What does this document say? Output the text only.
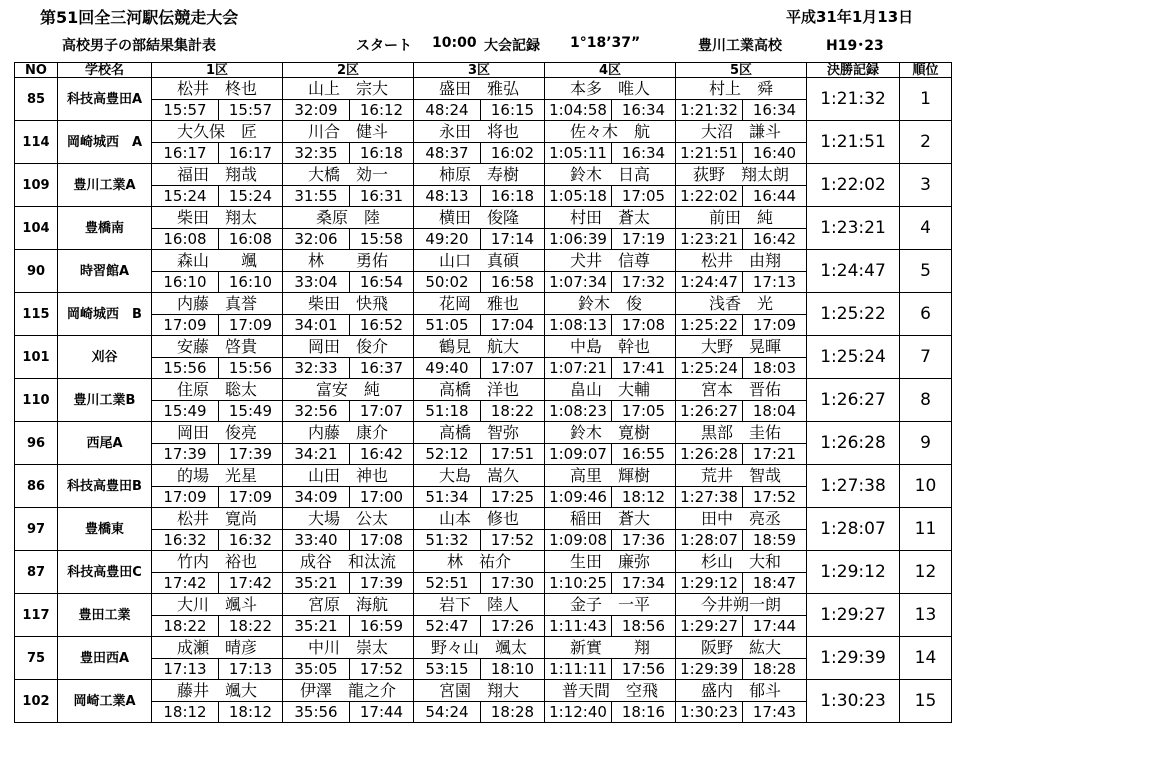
第51回全三河駅伝競走大会	平成31年1月13日
高校男子の部結果集計表	スタート 10:00 大会記録 1°18’37”	豊川工業高校	H19･23
NO	学校名	1区		2区		3区		4区		5区		決勝記録	順位
85	科技高豊田A	松井　柊也		山上　宗大		盛田　雅弘		本多　唯人		村上　舜		1:21:32	1
		15:57	15:57	32:09	16:12	48:24	16:15	1:04:58	16:34	1:21:32	16:34		
114	岡崎城西　A	大久保　匠		川合　健斗		永田　将也		佐々木　航		大沼　謙斗		1:21:51	2
		16:17	16:17	32:35	16:18	48:37	16:02	1:05:11	16:34	1:21:51	16:40		
109	豊川工業A	福田　翔哉		大橋　効一		柿原　寿樹		鈴木　日高		荻野　翔太朗		1:22:02	3
		15:24	15:24	31:55	16:31	48:13	16:18	1:05:18	17:05	1:22:02	16:44		
104	豊橋南	柴田　翔太		桑原　陸		横田　俊隆		村田　蒼太		前田　純		1:23:21	4
		16:08	16:08	32:06	15:58	49:20	17:14	1:06:39	17:19	1:23:21	16:42		
90	時習館A	森山　　颯		林　　勇佑		山口　真碩		犬井　信尊		松井　由翔		1:24:47	5
		16:10	16:10	33:04	16:54	50:02	16:58	1:07:34	17:32	1:24:47	17:13		
115	岡崎城西　B	内藤　真誉		柴田　快飛		花岡　雅也		鈴木　俊		浅香　光		1:25:22	6
		17:09	17:09	34:01	16:52	51:05	17:04	1:08:13	17:08	1:25:22	17:09		
101	刈谷	安藤　啓貴		岡田　俊介		鶴見　航大		中島　幹也		大野　晃暉		1:25:24	7
		15:56	15:56	32:33	16:37	49:40	17:07	1:07:21	17:41	1:25:24	18:03		
110	豊川工業B	住原　聡太		富安　純		高橋　洋也		畠山　大輔		宮本　晋佑		1:26:27	8
		15:49	15:49	32:56	17:07	51:18	18:22	1:08:23	17:05	1:26:27	18:04		
96	西尾A	岡田　俊亮		内藤　康介		高橋　智弥		鈴木　寛樹		黒部　圭佑		1:26:28	9
		17:39	17:39	34:21	16:42	52:12	17:51	1:09:07	16:55	1:26:28	17:21		
86	科技高豊田B	的場　光星		山田　神也		大島　嵩久		高里　輝樹		荒井　智哉		1:27:38	10
		17:09	17:09	34:09	17:00	51:34	17:25	1:09:46	18:12	1:27:38	17:52		
97	豊橋東	松井　寛尚		大場　公太		山本　修也		稲田　蒼大		田中　亮丞		1:28:07	11
		16:32	16:32	33:40	17:08	51:32	17:52	1:09:08	17:36	1:28:07	18:59		
87	科技高豊田C	竹内　裕也		成谷　和汰流		林　祐介		生田　廉弥		杉山　大和		1:29:12	12
		17:42	17:42	35:21	17:39	52:51	17:30	1:10:25	17:34	1:29:12	18:47		
117	豊田工業	大川　颯斗		宮原　海航		岩下　陸人		金子　一平		今井朔一朗		1:29:27	13
		18:22	18:22	35:21	16:59	52:47	17:26	1:11:43	18:56	1:29:27	17:44		
75	豊田西A	成瀬　晴彦		中川　崇太		野々山　颯太		新實　　翔		阪野　紘大		1:29:39	14
		17:13	17:13	35:05	17:52	53:15	18:10	1:11:11	17:56	1:29:39	18:28		
102	岡崎工業A	藤井　颯大		伊澤　龍之介		宮園　翔大		普天間　空飛		盛内　郁斗		1:30:23	15
		18:12	18:12	35:56	17:44	54:24	18:28	1:12:40	18:16	1:30:23	17:43		
